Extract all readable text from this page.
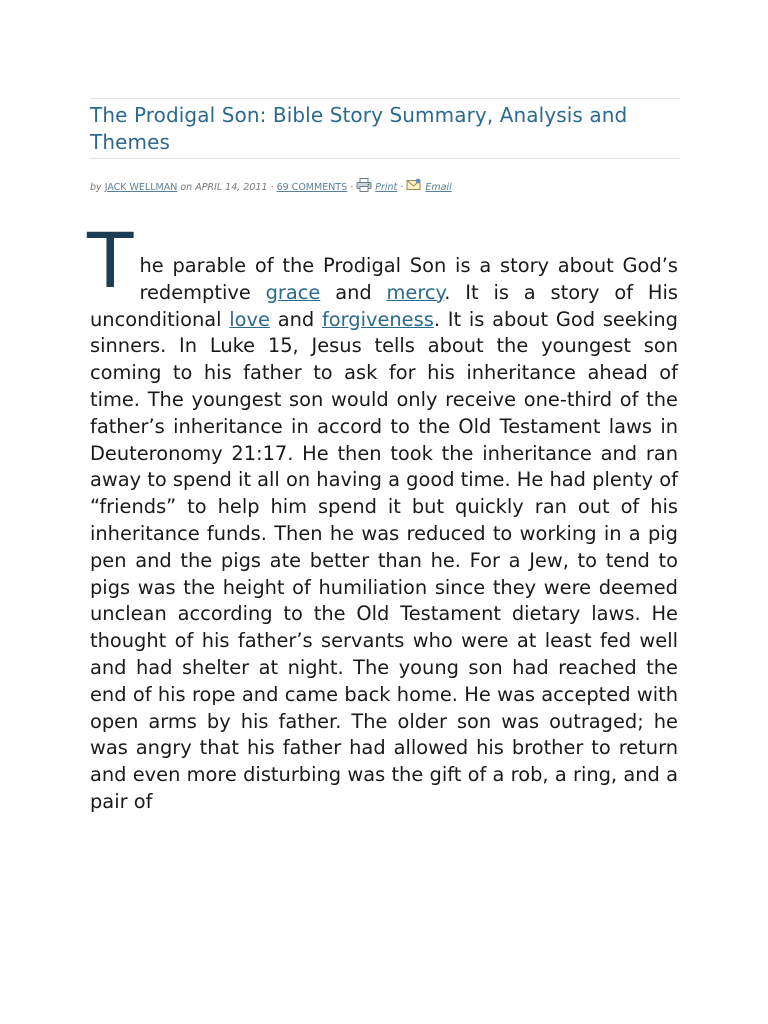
The Prodigal Son: Bible Story Summary, Analysis and Themes
by JACK WELLMAN on APRIL 14, 2011 · 69 COMMENTS · Print · Email
T he parable of the Prodigal Son is a story about God’s redemptive grace and mercy. It is a story of His unconditional love and forgiveness. It is about God seeking sinners. In Luke 15, Jesus tells about the youngest son coming to his father to ask for his inheritance ahead of time. The youngest son would only receive one-third of the father’s inheritance in accord to the Old Testament laws in Deuteronomy 21:17. He then took the inheritance and ran away to spend it all on having a good time. He had plenty of “friends” to help him spend it but quickly ran out of his inheritance funds. Then he was reduced to working in a pig pen and the pigs ate better than he. For a Jew, to tend to pigs was the height of humiliation since they were deemed unclean according to the Old Testament dietary laws. He thought of his father’s servants who were at least fed well and had shelter at night. The young son had reached the end of his rope and came back home. He was accepted with open arms by his father. The older son was outraged; he was angry that his father had allowed his brother to return and even more disturbing was the gift of a rob, a ring, and a pair of
